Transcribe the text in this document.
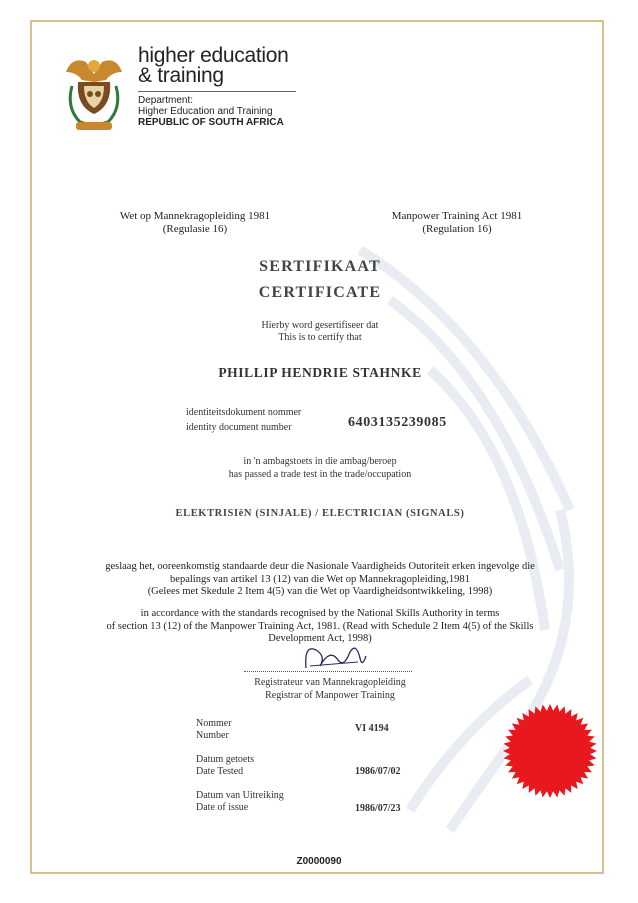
higher education
& training
Department:
Higher Education and Training
REPUBLIC OF SOUTH AFRICA
Wet op Mannekragopleiding 1981
(Regulasie 16)
Manpower Training Act 1981
(Regulation 16)
SERTIFIKAAT
CERTIFICATE
Hierby word gesertifiseer dat
This is to certify that
PHILLIP HENDRIE STAHNKE
identiteitsdokument nommer
identity document number	6403135239085
in 'n ambagstoets in die ambag/beroep
has passed a trade test in the trade/occupation
ELEKTRISIëN (SINJALE) / ELECTRICIAN (SIGNALS)
geslaag het, ooreenkomstig standaarde deur die Nasionale Vaardigheids Outoriteit erken ingevolge die
bepalings van artikel 13 (12) van die Wet op Mannekragopleiding,1981
(Gelees met Skedule 2 Item 4(5) van die Wet op Vaardigheidsontwikkeling, 1998)
in accordance with the standards recognised by the National Skills Authority in terms
of section 13 (12) of the Manpower Training Act, 1981. (Read with Schedule 2 Item 4(5) of the Skills
Development Act, 1998)
Registrateur van Mannekragopleiding
Registrar of Manpower Training
Nommer
Number
VI 4194
Datum getoets
Date Tested	1986/07/02
Datum van Uitreiking
Date of issue	1986/07/23
Z0000090
